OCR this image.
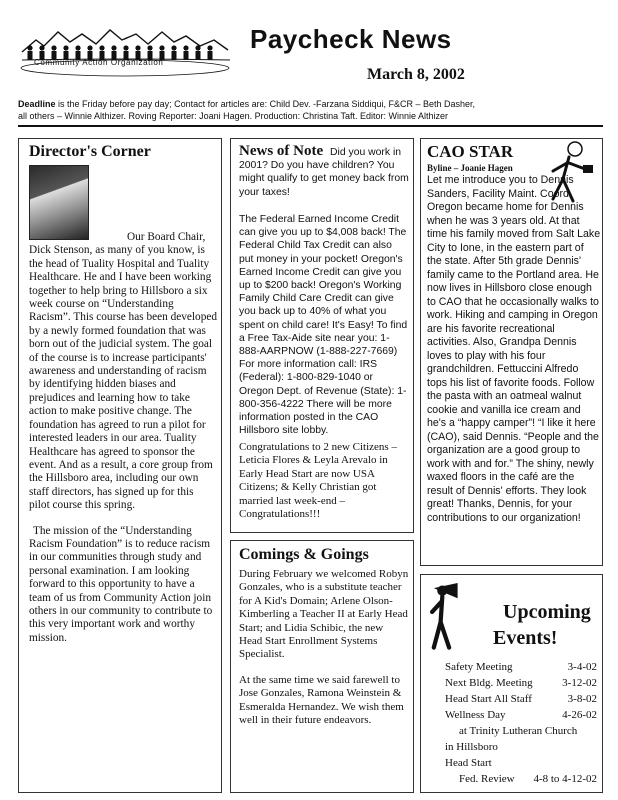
Community Action Organization
Paycheck News
March 8, 2002
Deadline is the Friday before pay day; Contact for articles are: Child Dev. -Farzana Siddiqui, F&CR – Beth Dasher,
all others – Winnie Althizer. Roving Reporter: Joani Hagen. Production: Christina Taft. Editor: Winnie Althizer
Director's Corner

Our Board Chair, Dick Stenson, as many of you know, is the head of Tuality Hospital and Tuality Healthcare. He and I have been working together to help bring to Hillsboro a six week course on “Understanding Racism”. This course has been developed by a newly formed foundation that was born out of the judicial system. The goal of the course is to increase participants' awareness and understanding of racism by identifying hidden biases and prejudices and learning how to take action to make positive change. The foundation has agreed to run a pilot for interested leaders in our area. Tuality Healthcare has agreed to sponsor the event. And as a result, a core group from the Hillsboro area, including our own staff directors, has signed up for this pilot course this spring.

The mission of the “Understanding Racism Foundation” is to reduce racism in our communities through study and personal examination. I am looking forward to this opportunity to have a team of us from Community Action join others in our community to contribute to this very important work and worthy mission.

News of Note Did you work in 2001? Do you have children? You might qualify to get money back from your taxes!
The Federal Earned Income Credit can give you up to $4,008 back! The Federal Child Tax Credit can also put money in your pocket! Oregon's Earned Income Credit can give you up to $200 back! Oregon's Working Family Child Care Credit can give you back up to 40% of what you spent on child care! It's Easy! To find a Free Tax-Aide site near you: 1-888-AARPNOW (1-888-227-7669) For more information call: IRS (Federal): 1-800-829-1040 or Oregon Dept. of Revenue (State): 1-800-356-4222 There will be more information posted in the CAO Hillsboro site lobby.
Congratulations to 2 new Citizens – Leticia Flores & Leyla Arevalo in Early Head Start are now USA Citizens; & Kelly Christian got married last week-end – Congratulations!!!
Comings & Goings

During February we welcomed Robyn Gonzales, who is a substitute teacher for A Kid's Domain; Arlene Olson-Kimberling a Teacher II at Early Head Start; and Lidia Schibic, the new Head Start Enrollment Systems Specialist.

At the same time we said farewell to Jose Gonzales, Ramona Weinstein & Esmeralda Hernandez. We wish them well in their future endeavors.

CAO STAR
Byline – Joanie Hagen
Let me introduce you to Dennis Sanders, Facility Maint. Coord. Oregon became home for Dennis when he was 3 years old. At that time his family moved from Salt Lake City to Ione, in the eastern part of the state. After 5th grade Dennis' family came to the Portland area. He now lives in Hillsboro close enough to CAO that he occasionally walks to work. Hiking and camping in Oregon are his favorite recreational activities. Also, Grandpa Dennis loves to play with his four grandchildren. Fettuccini Alfredo tops his list of favorite foods. Follow the pasta with an oatmeal walnut cookie and vanilla ice cream and he's a “happy camper”! “I like it here (CAO), said Dennis. “People and the organization are a good group to work with and for.” The shiny, newly waxed floors in the café are the result of Dennis' efforts. They look great! Thanks, Dennis, for your contributions to our organization!
Upcoming
Events!
Safety Meeting	3-4-02
Next Bldg. Meeting	3-12-02
Head Start All Staff	3-8-02
Wellness Day	4-26-02
at Trinity Lutheran Church
in Hillsboro
Head Start
Fed. Review 4-8 to 4-12-02
